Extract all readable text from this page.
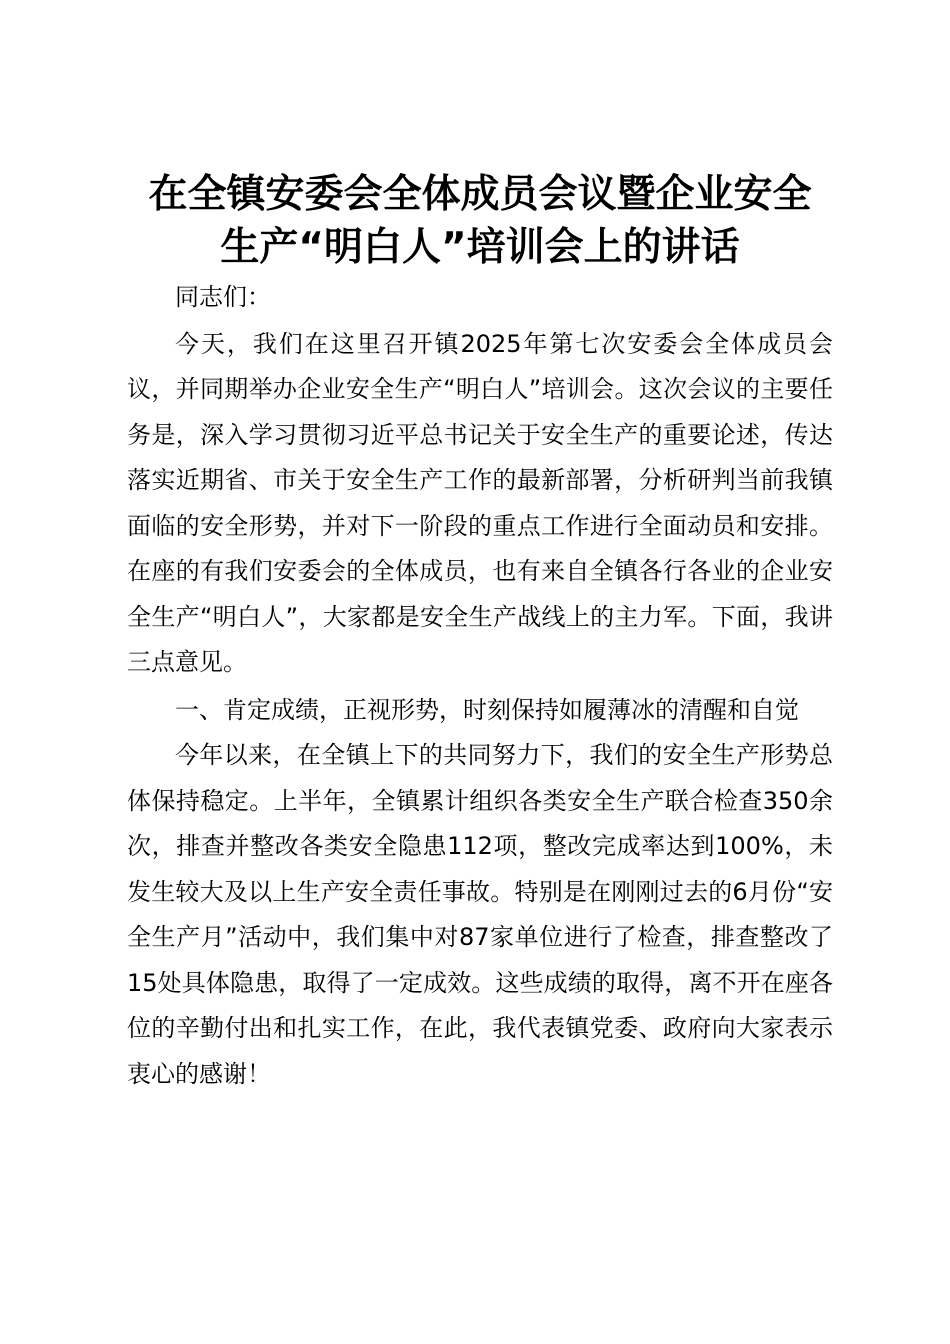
在全镇安委会全体成员会议暨企业安全
生产“明白人”培训会上的讲话

同志们：

今天，我们在这里召开镇2025年第七次安委会全体成员会议，并同期举办企业安全生产“明白人”培训会。这次会议的主要任务是，深入学习贯彻习近平总书记关于安全生产的重要论述，传达落实近期省、市关于安全生产工作的最新部署，分析研判当前我镇面临的安全形势，并对下一阶段的重点工作进行全面动员和安排。在座的有我们安委会的全体成员，也有来自全镇各行各业的企业安全生产“明白人”，大家都是安全生产战线上的主力军。下面，我讲三点意见。

一、肯定成绩，正视形势，时刻保持如履薄冰的清醒和自觉

今年以来，在全镇上下的共同努力下，我们的安全生产形势总体保持稳定。上半年，全镇累计组织各类安全生产联合检查350余次，排查并整改各类安全隐患112项，整改完成率达到100%，未发生较大及以上生产安全责任事故。特别是在刚刚过去的6月份“安全生产月”活动中，我们集中对87家单位进行了检查，排查整改了15处具体隐患，取得了一定成效。这些成绩的取得，离不开在座各位的辛勤付出和扎实工作，在此，我代表镇党委、政府向大家表示衷心的感谢！
